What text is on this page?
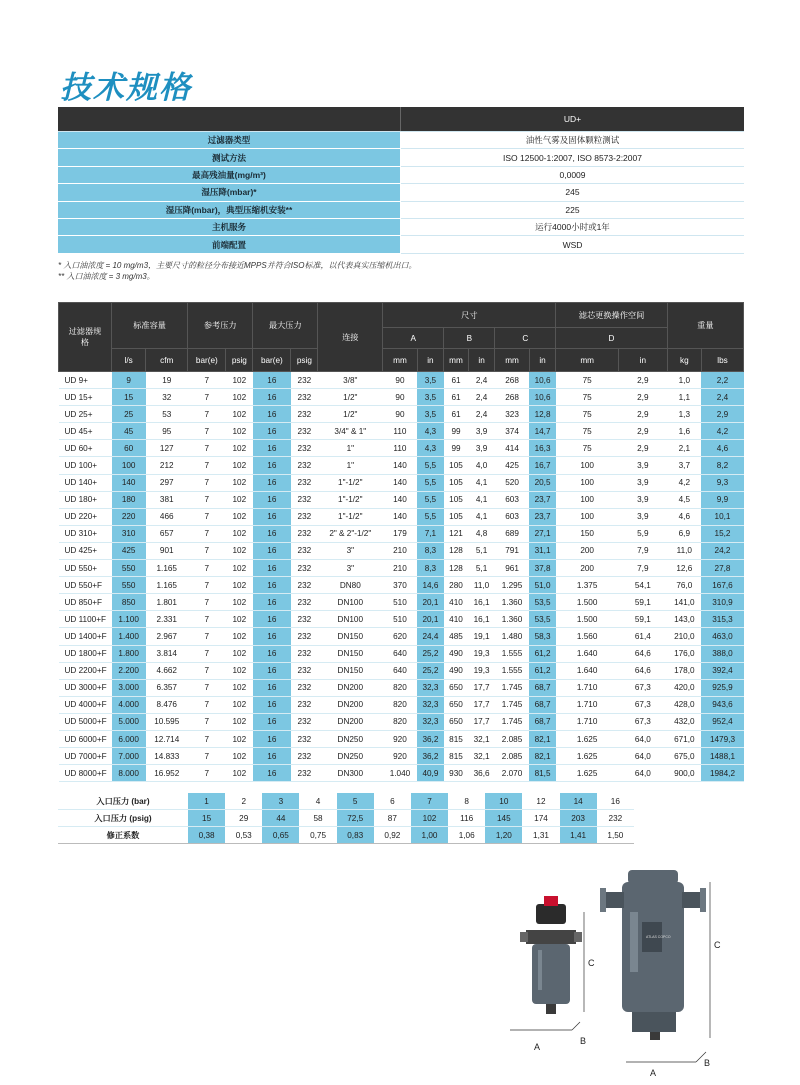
技术规格
	UD+
过滤器类型	油性气雾及固体颗粒测试
测试方法	ISO 12500-1:2007, ISO 8573-2:2007
最高残油量(mg/m³)	0,0009
湿压降(mbar)*	245
湿压降(mbar)，典型压缩机安装**	225
主机服务	运行4000小时或1年
前端配置	WSD
* 入口油浓度 = 10 mg/m3，主要尺寸的粒径分布接近MPPS并符合ISO标准，以代表真实压缩机出口。
** 入口油浓度 = 3 mg/m3。
过滤器规格	标准容量		参考压力		最大压力		连接	尺寸						滤芯更换操作空间		重量	
								A		B		C		D			
	l/s	cfm	bar(e)	psig	bar(e)	psig		mm	in	mm	in	mm	in	mm	in	kg	lbs
UD 9+	9	19	7	102	16	232	3/8"	90	3,5	61	2,4	268	10,6	75	2,9	1,0	2,2
UD 15+	15	32	7	102	16	232	1/2"	90	3,5	61	2,4	268	10,6	75	2,9	1,1	2,4
UD 25+	25	53	7	102	16	232	1/2"	90	3,5	61	2,4	323	12,8	75	2,9	1,3	2,9
UD 45+	45	95	7	102	16	232	3/4" & 1"	110	4,3	99	3,9	374	14,7	75	2,9	1,6	4,2
UD 60+	60	127	7	102	16	232	1"	110	4,3	99	3,9	414	16,3	75	2,9	2,1	4,6
UD 100+	100	212	7	102	16	232	1"	140	5,5	105	4,0	425	16,7	100	3,9	3,7	8,2
UD 140+	140	297	7	102	16	232	1"-1/2"	140	5,5	105	4,1	520	20,5	100	3,9	4,2	9,3
UD 180+	180	381	7	102	16	232	1"-1/2"	140	5,5	105	4,1	603	23,7	100	3,9	4,5	9,9
UD 220+	220	466	7	102	16	232	1"-1/2"	140	5,5	105	4,1	603	23,7	100	3,9	4,6	10,1
UD 310+	310	657	7	102	16	232	2" & 2"-1/2"	179	7,1	121	4,8	689	27,1	150	5,9	6,9	15,2
UD 425+	425	901	7	102	16	232	3"	210	8,3	128	5,1	791	31,1	200	7,9	11,0	24,2
UD 550+	550	1.165	7	102	16	232	3"	210	8,3	128	5,1	961	37,8	200	7,9	12,6	27,8
UD 550+F	550	1.165	7	102	16	232	DN80	370	14,6	280	11,0	1.295	51,0	1.375	54,1	76,0	167,6
UD 850+F	850	1.801	7	102	16	232	DN100	510	20,1	410	16,1	1.360	53,5	1.500	59,1	141,0	310,9
UD 1100+F	1.100	2.331	7	102	16	232	DN100	510	20,1	410	16,1	1.360	53,5	1.500	59,1	143,0	315,3
UD 1400+F	1.400	2.967	7	102	16	232	DN150	620	24,4	485	19,1	1.480	58,3	1.560	61,4	210,0	463,0
UD 1800+F	1.800	3.814	7	102	16	232	DN150	640	25,2	490	19,3	1.555	61,2	1.640	64,6	176,0	388,0
UD 2200+F	2.200	4.662	7	102	16	232	DN150	640	25,2	490	19,3	1.555	61,2	1.640	64,6	178,0	392,4
UD 3000+F	3.000	6.357	7	102	16	232	DN200	820	32,3	650	17,7	1.745	68,7	1.710	67,3	420,0	925,9
UD 4000+F	4.000	8.476	7	102	16	232	DN200	820	32,3	650	17,7	1.745	68,7	1.710	67,3	428,0	943,6
UD 5000+F	5.000	10.595	7	102	16	232	DN200	820	32,3	650	17,7	1.745	68,7	1.710	67,3	432,0	952,4
UD 6000+F	6.000	12.714	7	102	16	232	DN250	920	36,2	815	32,1	2.085	82,1	1.625	64,0	671,0	1479,3
UD 7000+F	7.000	14.833	7	102	16	232	DN250	920	36,2	815	32,1	2.085	82,1	1.625	64,0	675,0	1488,1
UD 8000+F	8.000	16.952	7	102	16	232	DN300	1.040	40,9	930	36,6	2.070	81,5	1.625	64,0	900,0	1984,2
入口压力 (bar)	1	2	3	4	5	6	7	8	10	12	14	16
入口压力 (psig)	15	29	44	58	72,5	87	102	116	145	174	203	232
修正系数	0,38	0,53	0,65	0,75	0,83	0,92	1,00	1,06	1,20	1,31	1,41	1,50
A
B
C
A
B
C
ATLAS COPCO
